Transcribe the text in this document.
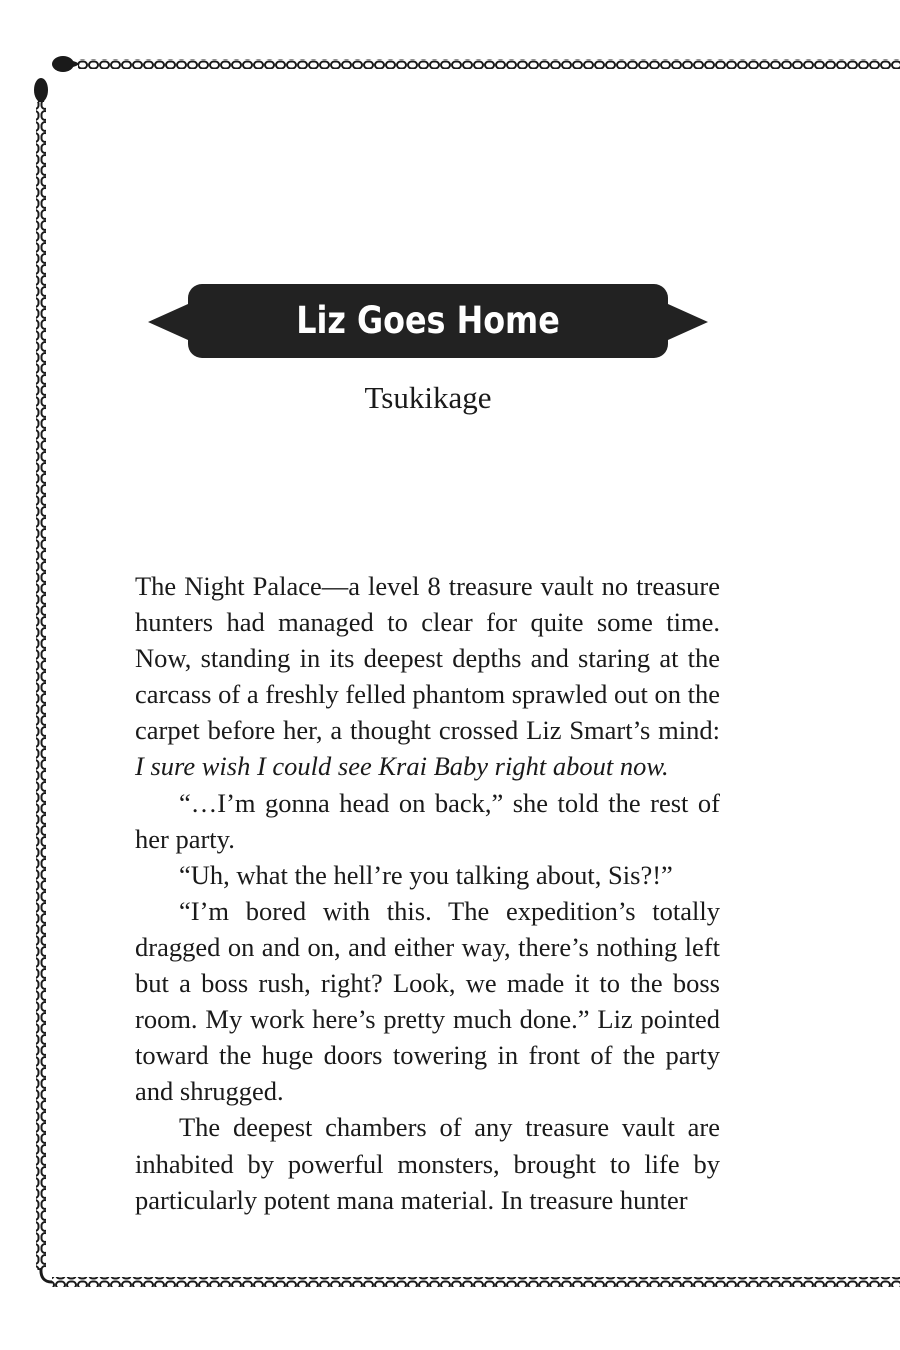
Liz Goes Home
Tsukikage

The Night Palace—a level 8 treasure vault no treasure hunters had managed to clear for quite some time. Now, standing in its deepest depths and staring at the carcass of a freshly felled phantom sprawled out on the carpet before her, a thought crossed Liz Smart’s mind: I sure wish I could see Krai Baby right about now.

“…I’m gonna head on back,” she told the rest of her party.

“Uh, what the hell’re you talking about, Sis?!”

“I’m bored with this. The expedition’s totally dragged on and on, and either way, there’s nothing left but a boss rush, right? Look, we made it to the boss room. My work here’s pretty much done.” Liz pointed toward the huge doors towering in front of the party and shrugged.

The deepest chambers of any treasure vault are inhabited by powerful monsters, brought to life by particularly potent mana material. In treasure hunter
